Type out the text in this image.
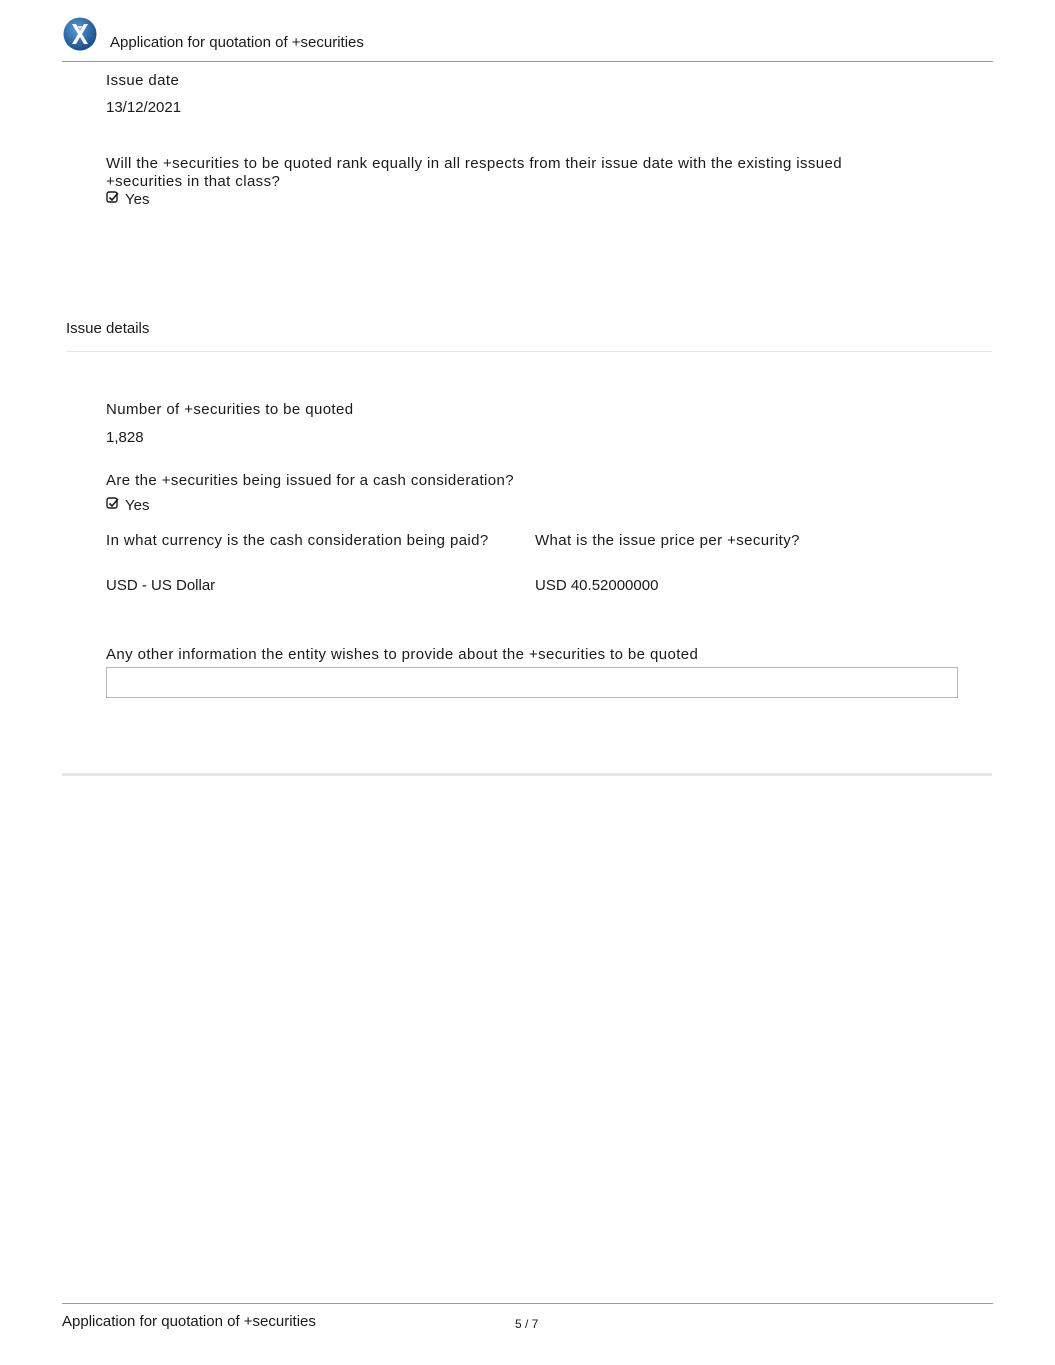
Application for quotation of +securities
Issue date
13/12/2021
Will the +securities to be quoted rank equally in all respects from their issue date with the existing issued +securities in that class?
Yes
Issue details
Number of +securities to be quoted
1,828
Are the +securities being issued for a cash consideration?
Yes
In what currency is the cash consideration being paid?
USD - US Dollar
What is the issue price per +security?
USD 40.52000000
Any other information the entity wishes to provide about the +securities to be quoted
Application for quotation of +securities	5 / 7
